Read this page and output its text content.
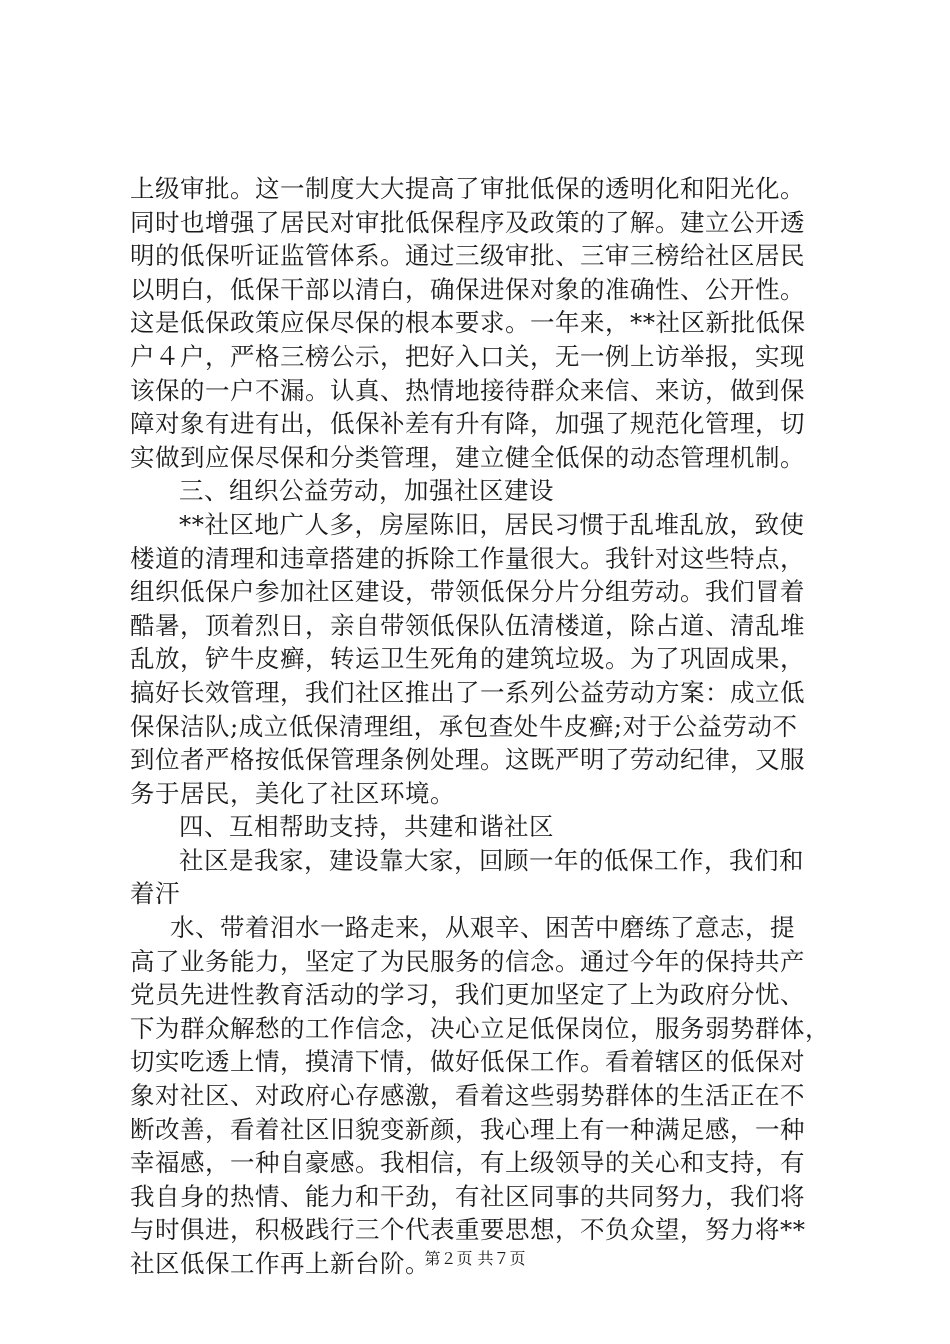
上级审批。这一制度大大提高了审批低保的透明化和阳光化。
同时也增强了居民对审批低保程序及政策的了解。建立公开透
明的低保听证监管体系。通过三级审批、三审三榜给社区居民
以明白，低保干部以清白，确保进保对象的准确性、公开性。
这是低保政策应保尽保的根本要求。一年来，**社区新批低保
户４户，严格三榜公示，把好入口关，无一例上访举报，实现
该保的一户不漏。认真、热情地接待群众来信、来访，做到保
障对象有进有出，低保补差有升有降，加强了规范化管理，切
实做到应保尽保和分类管理，建立健全低保的动态管理机制。
三、组织公益劳动，加强社区建设
**社区地广人多，房屋陈旧，居民习惯于乱堆乱放，致使
楼道的清理和违章搭建的拆除工作量很大。我针对这些特点，
组织低保户参加社区建设，带领低保分片分组劳动。我们冒着
酷暑，顶着烈日，亲自带领低保队伍清楼道，除占道、清乱堆
乱放，铲牛皮癣，转运卫生死角的建筑垃圾。为了巩固成果，
搞好长效管理，我们社区推出了一系列公益劳动方案：成立低
保保洁队;成立低保清理组，承包查处牛皮癣;对于公益劳动不
到位者严格按低保管理条例处理。这既严明了劳动纪律，又服
务于居民，美化了社区环境。
四、互相帮助支持，共建和谐社区
社区是我家，建设靠大家，回顾一年的低保工作，我们和
着汗
水、带着泪水一路走来，从艰辛、困苦中磨练了意志，提
高了业务能力，坚定了为民服务的信念。通过今年的保持共产
党员先进性教育活动的学习，我们更加坚定了上为政府分忧、
下为群众解愁的工作信念，决心立足低保岗位，服务弱势群体，
切实吃透上情，摸清下情，做好低保工作。看着辖区的低保对
象对社区、对政府心存感激，看着这些弱势群体的生活正在不
断改善，看着社区旧貌变新颜，我心理上有一种满足感，一种
幸福感，一种自豪感。我相信，有上级领导的关心和支持，有
我自身的热情、能力和干劲，有社区同事的共同努力，我们将
与时俱进，积极践行三个代表重要思想，不负众望，努力将**
社区低保工作再上新台阶。
第２页 共７页
